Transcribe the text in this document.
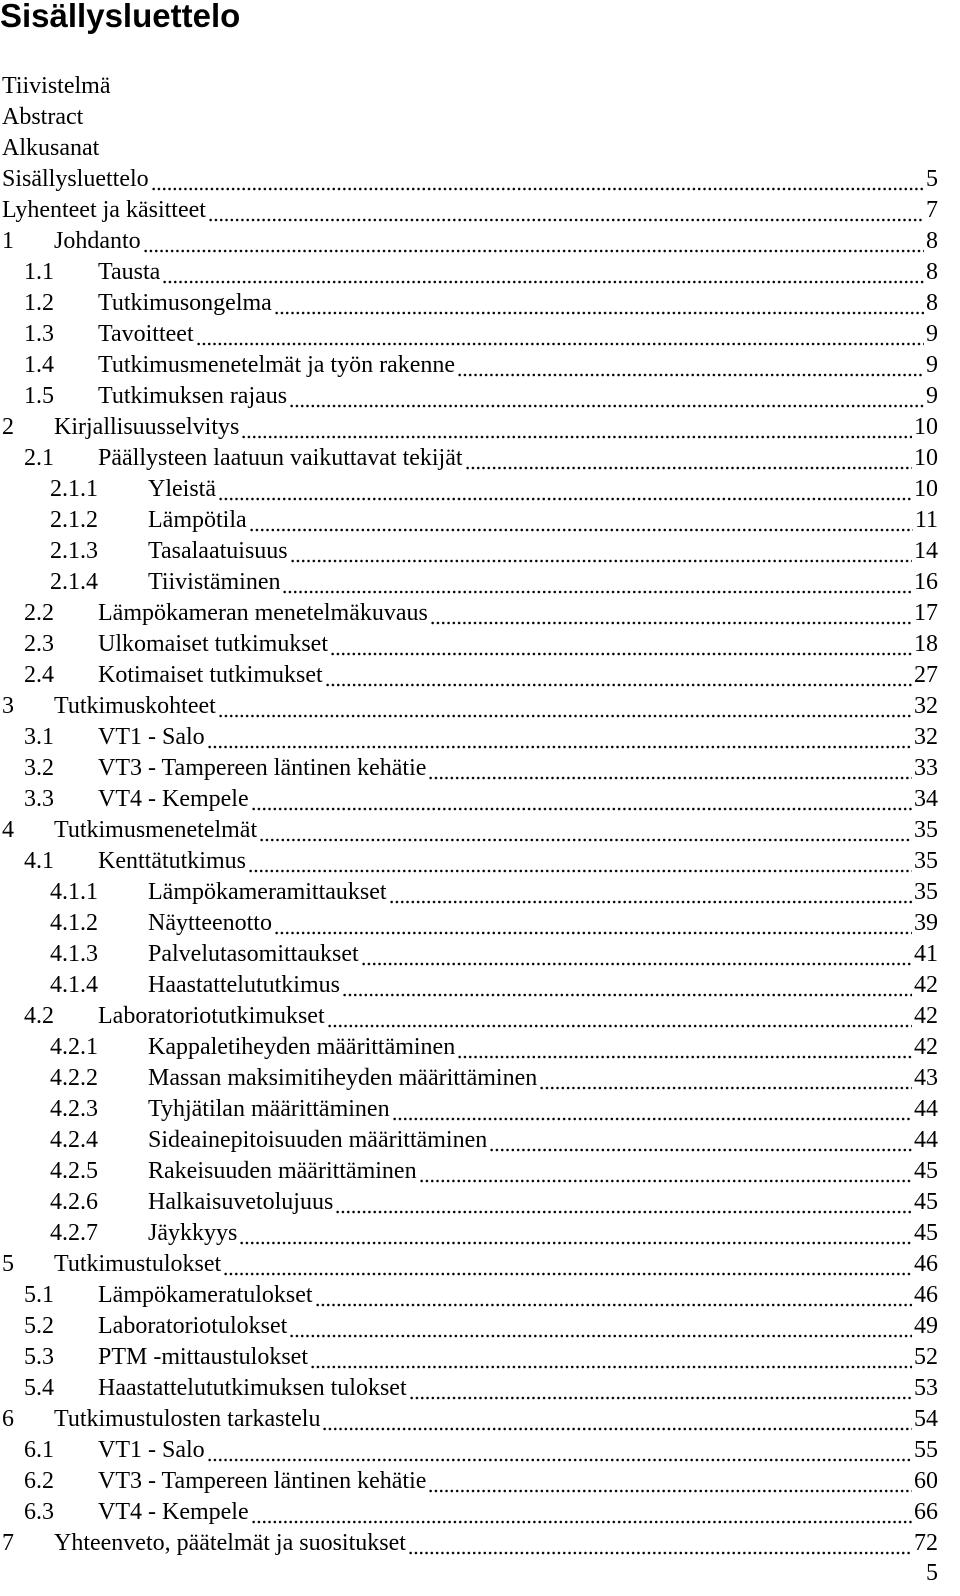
Sisällysluettelo
Tiivistelmä
Abstract
Alkusanat
Sisällysluettelo	5
Lyhenteet ja käsitteet	7
1 Johdanto	8
1.1 Tausta	8
1.2 Tutkimusongelma	8
1.3 Tavoitteet	9
1.4 Tutkimusmenetelmät ja työn rakenne	9
1.5 Tutkimuksen rajaus	9
2 Kirjallisuusselvitys	10
2.1 Päällysteen laatuun vaikuttavat tekijät	10
2.1.1 Yleistä	10
2.1.2 Lämpötila	11
2.1.3 Tasalaatuisuus	14
2.1.4 Tiivistäminen	16
2.2 Lämpökameran menetelmäkuvaus	17
2.3 Ulkomaiset tutkimukset	18
2.4 Kotimaiset tutkimukset	27
3 Tutkimuskohteet	32
3.1 VT1 - Salo	32
3.2 VT3 - Tampereen läntinen kehätie	33
3.3 VT4 - Kempele	34
4 Tutkimusmenetelmät	35
4.1 Kenttätutkimus	35
4.1.1 Lämpökameramittaukset	35
4.1.2 Näytteenotto	39
4.1.3 Palvelutasomittaukset	41
4.1.4 Haastattelututkimus	42
4.2 Laboratoriotutkimukset	42
4.2.1 Kappaletiheyden määrittäminen	42
4.2.2 Massan maksimitiheyden määrittäminen	43
4.2.3 Tyhjätilan määrittäminen	44
4.2.4 Sideainepitoisuuden määrittäminen	44
4.2.5 Rakeisuuden määrittäminen	45
4.2.6 Halkaisuvetolujuus	45
4.2.7 Jäykkyys	45
5 Tutkimustulokset	46
5.1 Lämpökameratulokset	46
5.2 Laboratoriotulokset	49
5.3 PTM -mittaustulokset	52
5.4 Haastattelututkimuksen tulokset	53
6 Tutkimustulosten tarkastelu	54
6.1 VT1 - Salo	55
6.2 VT3 - Tampereen läntinen kehätie	60
6.3 VT4 - Kempele	66
7 Yhteenveto, päätelmät ja suositukset	72
5
